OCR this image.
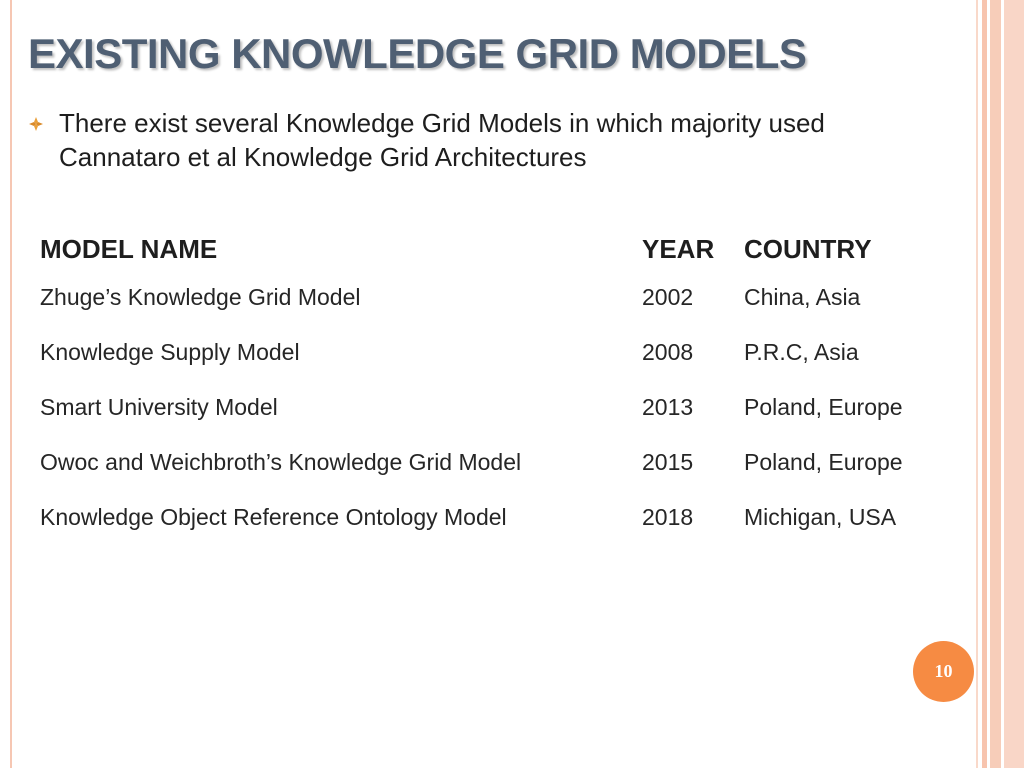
EXISTING KNOWLEDGE GRID MODELS
There exist several Knowledge Grid Models in which majority used Cannataro et al Knowledge Grid Architectures
MODEL NAME	YEAR	COUNTRY
Zhuge’s Knowledge Grid Model	2002	China, Asia
Knowledge Supply Model	2008	P.R.C, Asia
Smart University Model	2013	Poland, Europe
Owoc and Weichbroth’s Knowledge Grid Model	2015	Poland, Europe
Knowledge Object Reference Ontology Model	2018	Michigan, USA
10
